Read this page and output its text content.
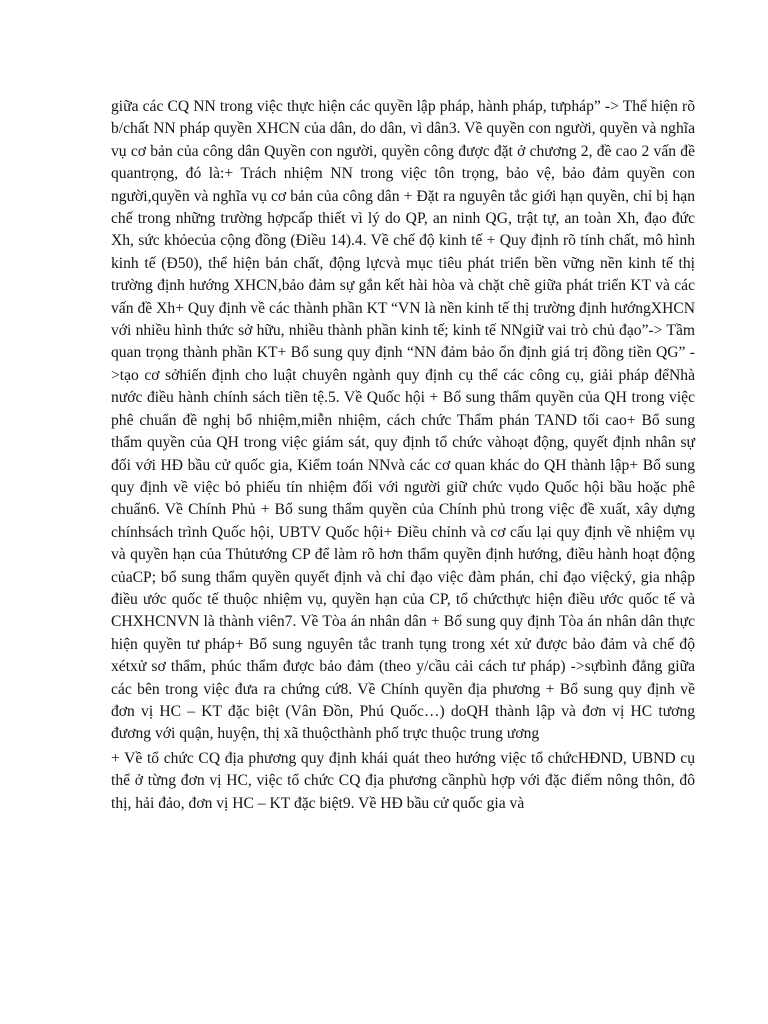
giữa các CQ NN trong việc thực hiện các quyền lập pháp, hành pháp, tưpháp” -> Thể hiện rõ b/chất NN pháp quyền XHCN của dân, do dân, vì dân3. Về quyền con người, quyền và nghĩa vụ cơ bản của công dân Quyền con người, quyền công được đặt ở chương 2, đề cao 2 vấn đề quantrọng, đó là:+ Trách nhiệm NN trong việc tôn trọng, bảo vệ, bảo đảm quyền con người,quyền và nghĩa vụ cơ bản của công dân + Đặt ra nguyên tắc giới hạn quyền, chỉ bị hạn chế trong những trường hợpcấp thiết vì lý do QP, an ninh QG, trật tự, an toàn Xh, đạo đức Xh, sức khỏecủa cộng đồng (Điều 14).4. Về chế độ kinh tế + Quy định rõ tính chất, mô hình kinh tế (Đ50), thể hiện bản chất, động lựcvà mục tiêu phát triển bền vững nền kinh tế thị trường định hướng XHCN,bảo đảm sự gắn kết hài hòa và chặt chẽ giữa phát triển KT và các vấn đề Xh+ Quy định về các thành phần KT “VN là nền kinh tế thị trường định hướngXHCN với nhiều hình thức sở hữu, nhiều thành phần kinh tế; kinh tế NNgiữ vai trò chủ đạo”-> Tầm quan trọng thành phần KT+ Bổ sung quy định “NN đảm bảo ổn định giá trị đồng tiền QG” ->tạo cơ sởhiến định cho luật chuyên ngành quy định cụ thể các công cụ, giải pháp đểNhà nước điều hành chính sách tiền tệ.5. Về Quốc hội + Bổ sung thẩm quyền của QH trong việc phê chuẩn đề nghị bổ nhiệm,miễn nhiệm, cách chức Thẩm phán TAND tối cao+ Bổ sung thẩm quyền của QH trong việc giám sát, quy định tổ chức vàhoạt động, quyết định nhân sự đối với HĐ bầu cử quốc gia, Kiểm toán NNvà các cơ quan khác do QH thành lập+ Bổ sung quy định về việc bỏ phiếu tín nhiệm đối với người giữ chức vụdo Quốc hội bầu hoặc phê chuẩn6. Về Chính Phủ + Bổ sung thẩm quyền của Chính phủ trong việc đề xuất, xây dựng chínhsách trình Quốc hội, UBTV Quốc hội+ Điều chỉnh và cơ cấu lại quy định về nhiệm vụ và quyền hạn của Thủtướng CP để làm rõ hơn thẩm quyền định hướng, điều hành hoạt động củaCP; bổ sung thẩm quyền quyết định và chỉ đạo việc đàm phán, chỉ đạo việcký, gia nhập điều ước quốc tế thuộc nhiệm vụ, quyền hạn của CP, tổ chứcthực hiện điều ước quốc tế và CHXHCNVN là thành viên7. Về Tòa án nhân dân + Bổ sung quy định Tòa án nhân dân thực hiện quyền tư pháp+ Bổ sung nguyên tắc tranh tụng trong xét xử được bảo đảm và chế độ xétxử sơ thẩm, phúc thẩm được bảo đảm (theo y/cầu cải cách tư pháp) ->sựbình đẳng giữa các bên trong việc đưa ra chứng cứ8. Về Chính quyền địa phương + Bổ sung quy định về đơn vị HC – KT đặc biệt (Vân Đồn, Phú Quốc…) doQH thành lập và đơn vị HC tương đương với quận, huyện, thị xã thuộcthành phố trực thuộc trung ương

+ Về tổ chức CQ địa phương quy định khái quát theo hướng việc tổ chứcHĐND, UBND cụ thể ở từng đơn vị HC, việc tổ chức CQ địa phương cầnphù hợp với đặc điểm nông thôn, đô thị, hải đảo, đơn vị HC – KT đặc biệt9. Về HĐ bầu cử quốc gia và
